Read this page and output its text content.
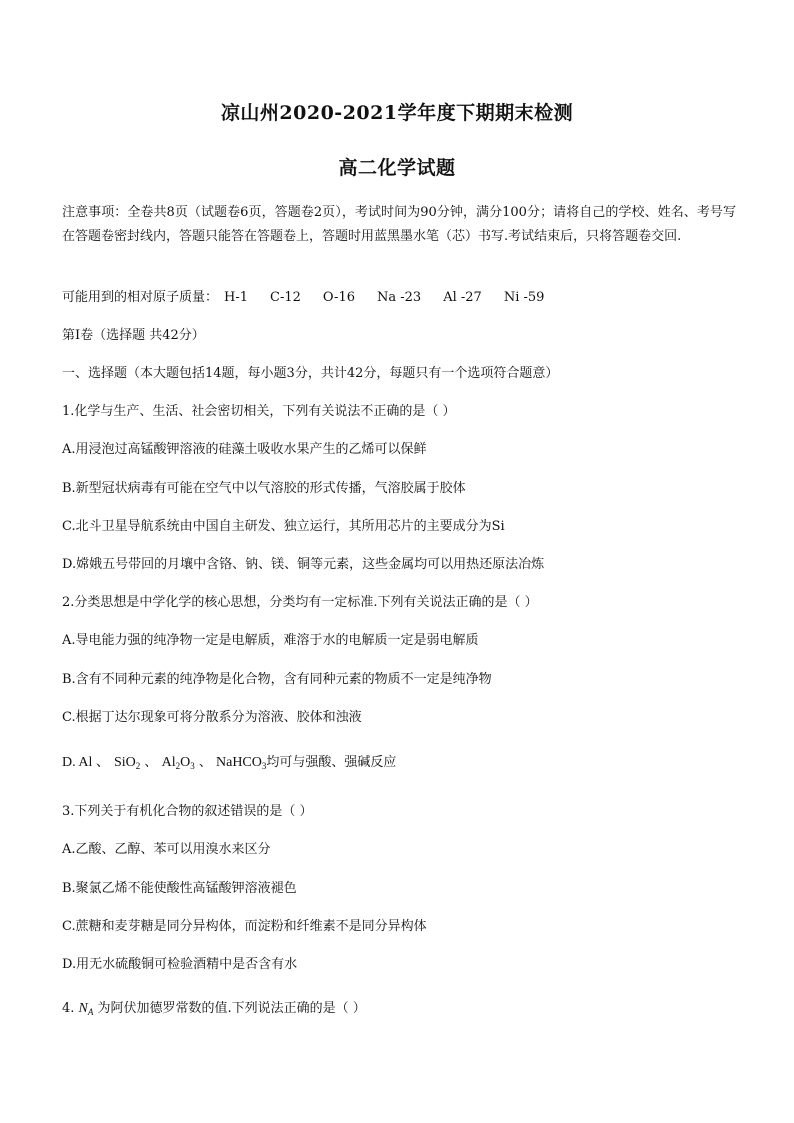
凉山州2020-2021学年度下期期末检测
高二化学试题
注意事项：全卷共8页（试题卷6页，答题卷2页），考试时间为90分钟，满分100分；请将自己的学校、姓名、考号写在答题卷密封线内，答题只能答在答题卷上，答题时用蓝黑墨水笔（芯）书写.考试结束后，只将答题卷交回.
可能用到的相对原子质量： H-1 C-12 O-16 Na -23 Al -27 Ni -59
第Ⅰ卷（选择题 共42分）
一、选择题（本大题包括14题，每小题3分，共计42分，每题只有一个选项符合题意）
1.化学与生产、生活、社会密切相关，下列有关说法不正确的是（ ）
A.用浸泡过高锰酸钾溶液的硅藻土吸收水果产生的乙烯可以保鲜
B.新型冠状病毒有可能在空气中以气溶胶的形式传播，气溶胶属于胶体
C.北斗卫星导航系统由中国自主研发、独立运行，其所用芯片的主要成分为Si
D.嫦娥五号带回的月壤中含铬、钠、镁、铜等元素，这些金属均可以用热还原法冶炼
2.分类思想是中学化学的核心思想，分类均有一定标准.下列有关说法正确的是（ ）
A.导电能力强的纯净物一定是电解质，难溶于水的电解质一定是弱电解质
B.含有不同种元素的纯净物是化合物，含有同种元素的物质不一定是纯净物
C.根据丁达尔现象可将分散系分为溶液、胶体和浊液
D. Al 、 SiO$_2$ 、 $Al_2O_3$ 、 NaHCO$_3$均可与强酸、强碱反应
3.下列关于有机化合物的叙述错误的是（ ）
A.乙酸、乙醇、苯可以用溴水来区分
B.聚氯乙烯不能使酸性高锰酸钾溶液褪色
C.蔗糖和麦芽糖是同分异构体，而淀粉和纤维素不是同分异构体
D.用无水硫酸铜可检验酒精中是否含有水
4. $N_A$ 为阿伏加德罗常数的值.下列说法正确的是（ ）
